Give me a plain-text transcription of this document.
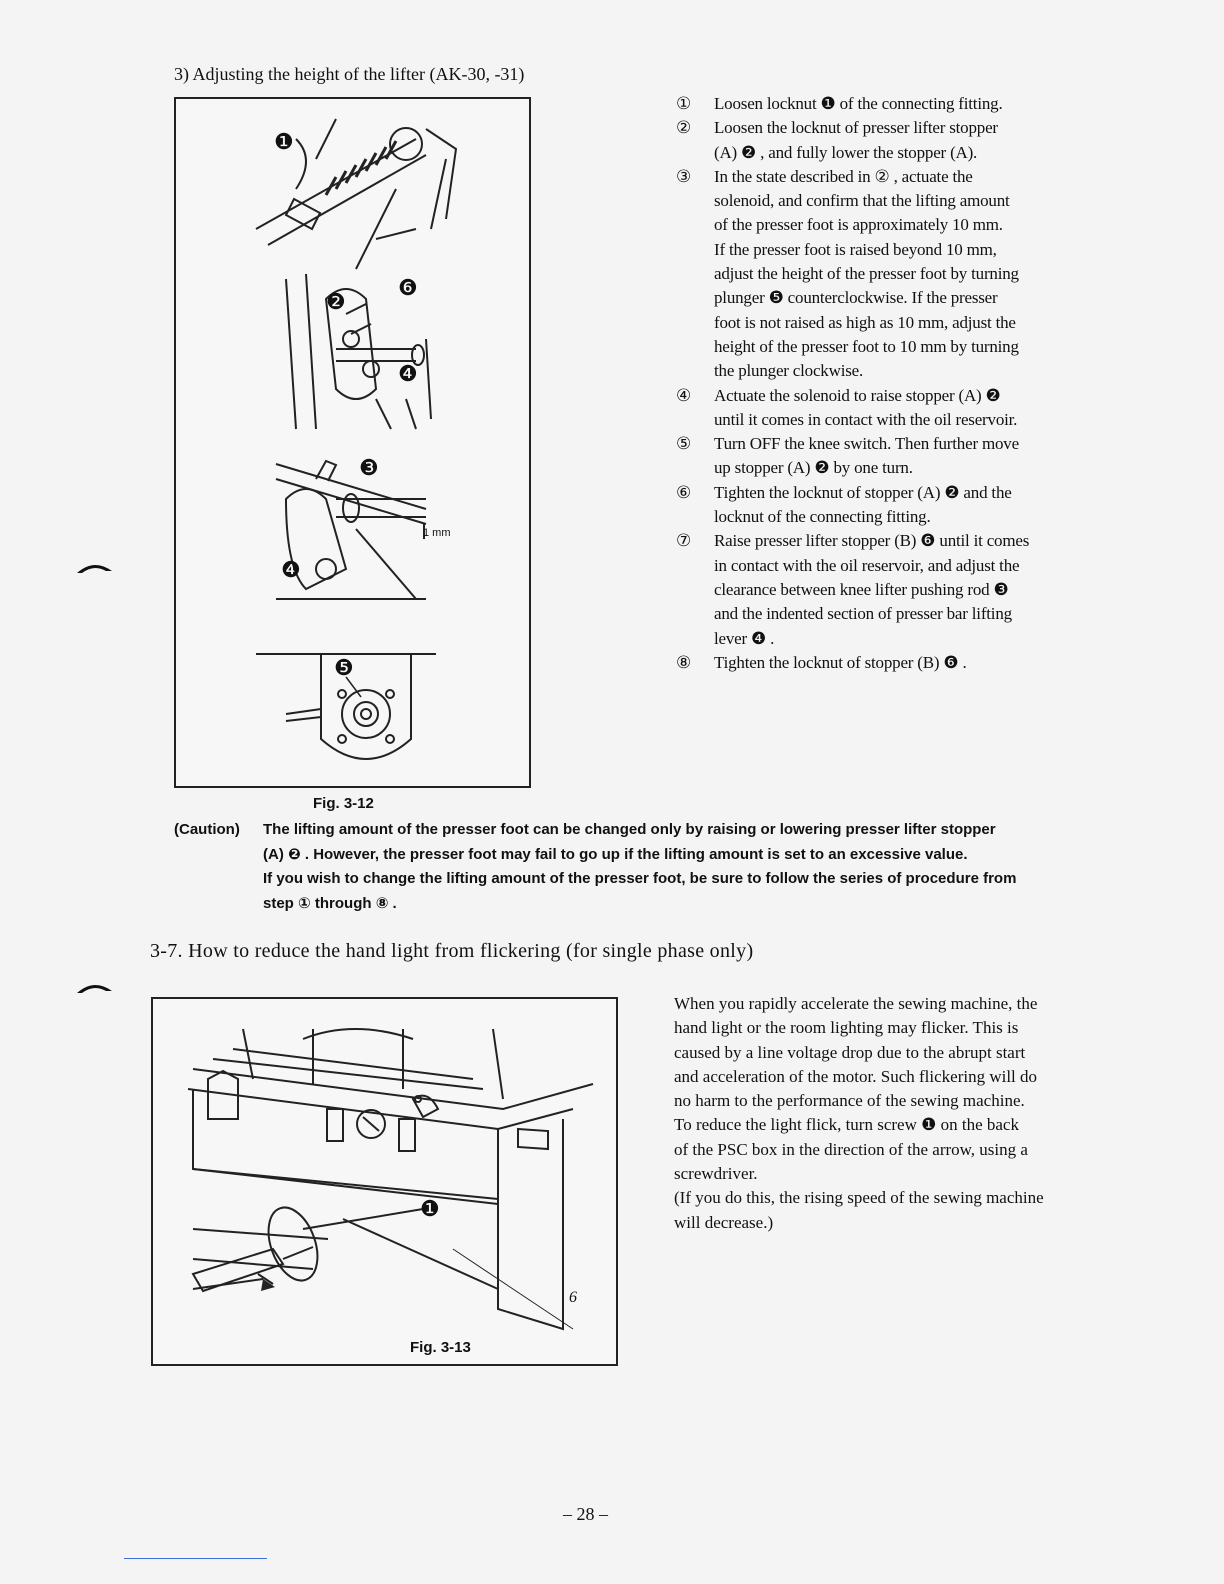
3) Adjusting the height of the lifter (AK-30, -31)
❶
❷
❻
❹
❸
❹
❺
1 mm
Fig. 3-12
①	Loosen locknut ❶ of the connecting fitting.
②	Loosen the locknut of presser lifter stopper
(A) ❷ , and fully lower the stopper (A).
③	In the state described in ② , actuate the
solenoid, and confirm that the lifting amount
of the presser foot is approximately 10 mm.
If the presser foot is raised beyond 10 mm,
adjust the height of the presser foot by turning
plunger ❺ counterclockwise. If the presser
foot is not raised as high as 10 mm, adjust the
height of the presser foot to 10 mm by turning
the plunger clockwise.
④	Actuate the solenoid to raise stopper (A) ❷
until it comes in contact with the oil reservoir.
⑤	Turn OFF the knee switch. Then further move
up stopper (A) ❷ by one turn.
⑥	Tighten the locknut of stopper (A) ❷ and the
locknut of the connecting fitting.
⑦	Raise presser lifter stopper (B) ❻ until it comes
in contact with the oil reservoir, and adjust the
clearance between knee lifter pushing rod ❸
and the indented section of presser bar lifting
lever ❹ .
⑧	Tighten the locknut of stopper (B) ❻ .
(Caution) The lifting amount of the presser foot can be changed only by raising or lowering presser lifter stopper
(A) ❷ . However, the presser foot may fail to go up if the lifting amount is set to an excessive value.
If you wish to change the lifting amount of the presser foot, be sure to follow the series of procedure from
step ① through ⑧ .
3-7. How to reduce the hand light from flickering (for single phase only)
❶
6
Fig. 3-13
When you rapidly accelerate the sewing machine, the
hand light or the room lighting may flicker. This is
caused by a line voltage drop due to the abrupt start
and acceleration of the motor. Such flickering will do
no harm to the performance of the sewing machine.
To reduce the light flick, turn screw ❶ on the back
of the PSC box in the direction of the arrow, using a
screwdriver.
(If you do this, the rising speed of the sewing machine
will decrease.)
– 28 –
